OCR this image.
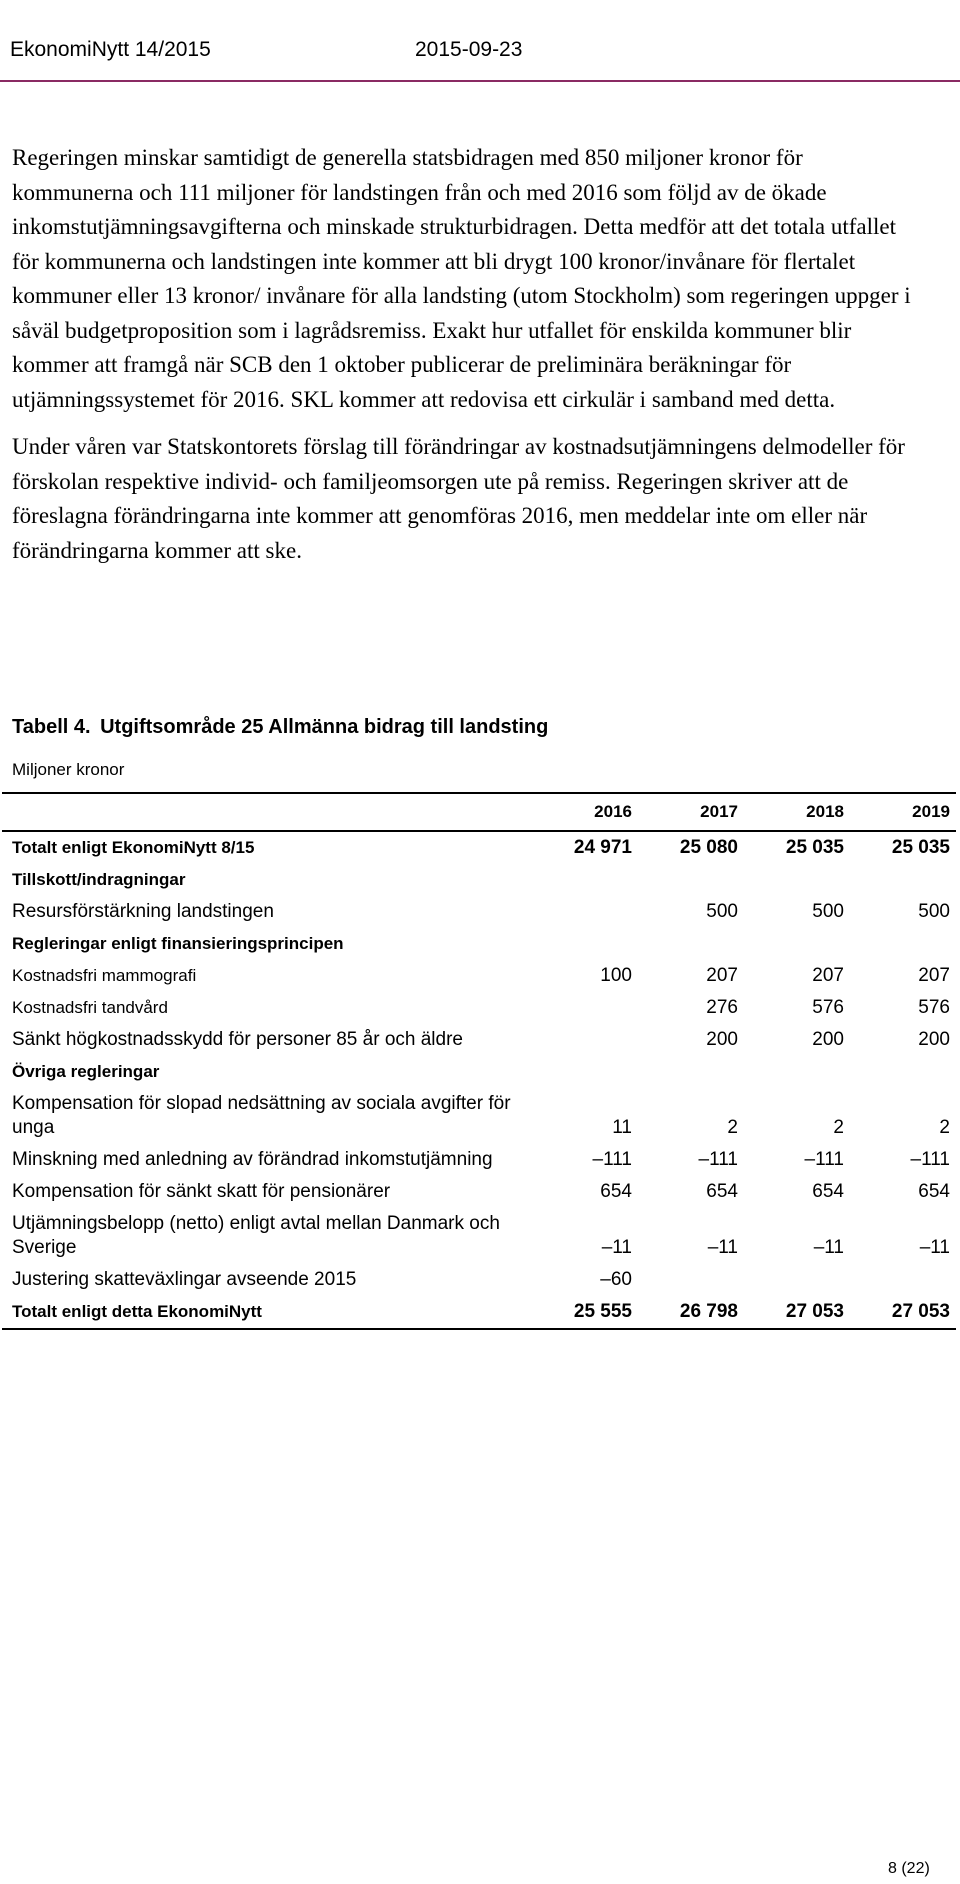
EkonomiNytt 14/2015	2015-09-23

Regeringen minskar samtidigt de generella statsbidragen med 850 miljoner kronor för kommunerna och 111 miljoner för landstingen från och med 2016 som följd av de ökade inkomstutjämningsavgifterna och minskade strukturbidragen. Detta medför att det totala utfallet för kommunerna och landstingen inte kommer att bli drygt 100 kronor/invånare för flertalet kommuner eller 13 kronor/ invånare för alla landsting (utom Stockholm) som regeringen uppger i såväl budgetproposition som i lagrådsremiss. Exakt hur utfallet för enskilda kommuner blir kommer att framgå när SCB den 1 oktober publicerar de preliminära beräkningar för utjämningssystemet för 2016. SKL kommer att redovisa ett cirkulär i samband med detta.

Under våren var Statskontorets förslag till förändringar av kostnadsutjämningens delmodeller för förskolan respektive individ- och familjeomsorgen ute på remiss. Regeringen skriver att de föreslagna förändringarna inte kommer att genomföras 2016, men meddelar inte om eller när förändringarna kommer att ske.

Tabell 4. Utgiftsområde 25 Allmänna bidrag till landsting
Miljoner kronor
	2016	2017	2018	2019
Totalt enligt EkonomiNytt 8/15	24 971	25 080	25 035	25 035
Tillskott/indragningar				
Resursförstärkning landstingen		500	500	500
Regleringar enligt finansieringsprincipen				
Kostnadsfri mammografi	100	207	207	207
Kostnadsfri tandvård		276	576	576
Sänkt högkostnadsskydd för personer 85 år och äldre		200	200	200
Övriga regleringar				
Kompensation för slopad nedsättning av sociala avgifter för unga	11	2	2	2
Minskning med anledning av förändrad inkomstutjämning	–111	–111	–111	–111
Kompensation för sänkt skatt för pensionärer	654	654	654	654
Utjämningsbelopp (netto) enligt avtal mellan Danmark och Sverige	–11	–11	–11	–11
Justering skatteväxlingar avseende 2015	–60			
Totalt enligt detta EkonomiNytt	25 555	26 798	27 053	27 053
8 (22)
